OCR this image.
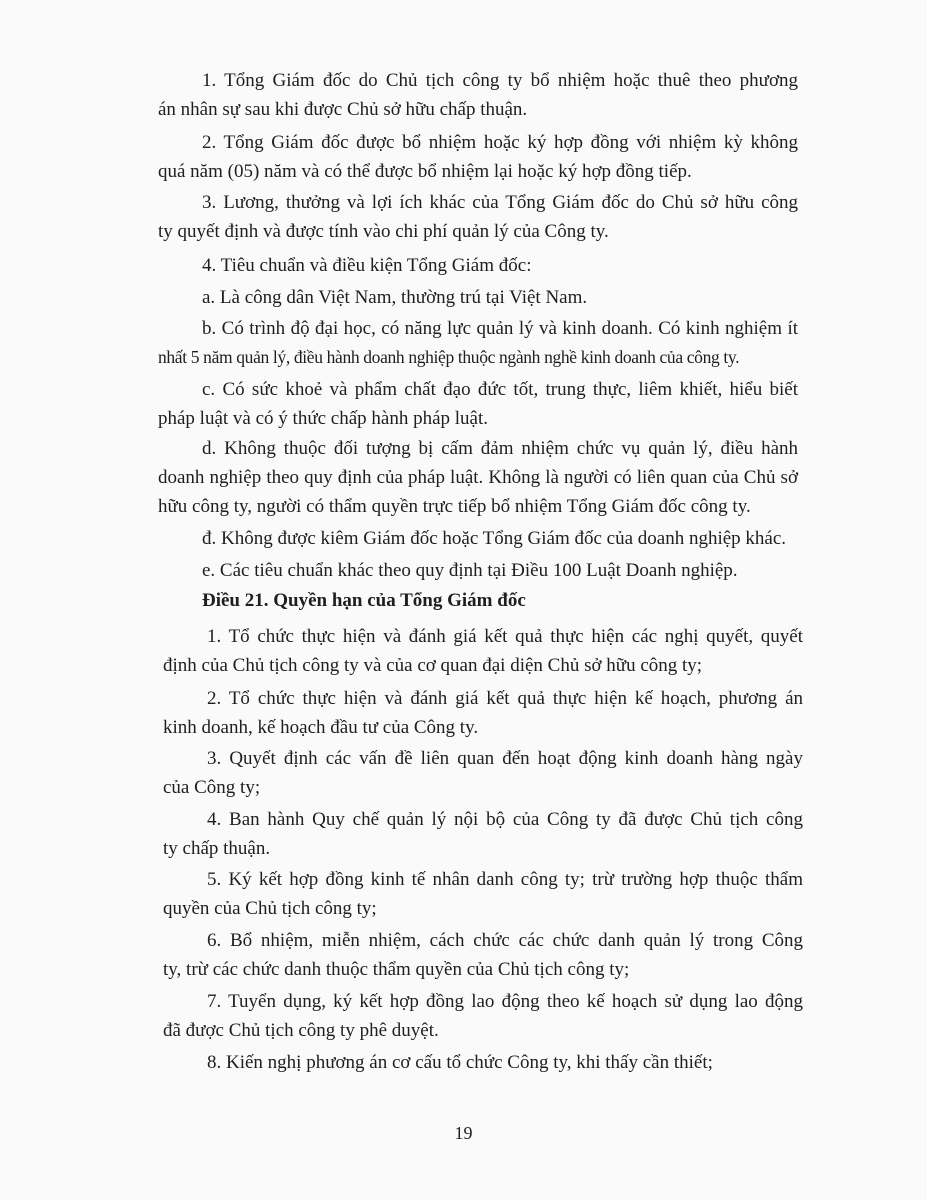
1. Tổng Giám đốc do Chủ tịch công ty bổ nhiệm hoặc thuê theo phương
án nhân sự sau khi được Chủ sở hữu chấp thuận.

2. Tổng Giám đốc được bổ nhiệm hoặc ký hợp đồng với nhiệm kỳ không
quá năm (05) năm và có thể được bổ nhiệm lại hoặc ký hợp đồng tiếp.

3. Lương, thưởng và lợi ích khác của Tổng Giám đốc do Chủ sở hữu công
ty quyết định và được tính vào chi phí quản lý của Công ty.

4. Tiêu chuẩn và điều kiện Tổng Giám đốc:

a. Là công dân Việt Nam, thường trú tại Việt Nam.

b. Có trình độ đại học, có năng lực quản lý và kinh doanh. Có kinh nghiệm ít
nhất 5 năm quản lý, điều hành doanh nghiệp thuộc ngành nghề kinh doanh của công ty.

c. Có sức khoẻ và phẩm chất đạo đức tốt, trung thực, liêm khiết, hiểu biết
pháp luật và có ý thức chấp hành pháp luật.

d. Không thuộc đối tượng bị cấm đảm nhiệm chức vụ quản lý, điều hành
doanh nghiệp theo quy định của pháp luật. Không là người có liên quan của Chủ sở
hữu công ty, người có thẩm quyền trực tiếp bổ nhiệm Tổng Giám đốc công ty.

đ. Không được kiêm Giám đốc hoặc Tổng Giám đốc của doanh nghiệp khác.

e. Các tiêu chuẩn khác theo quy định tại Điều 100 Luật Doanh nghiệp.

Điều 21. Quyền hạn của Tổng Giám đốc

1. Tổ chức thực hiện và đánh giá kết quả thực hiện các nghị quyết, quyết
định của Chủ tịch công ty và của cơ quan đại diện Chủ sở hữu công ty;

2. Tổ chức thực hiện và đánh giá kết quả thực hiện kế hoạch, phương án
kinh doanh, kế hoạch đầu tư của Công ty.

3. Quyết định các vấn đề liên quan đến hoạt động kinh doanh hàng ngày
của Công ty;

4. Ban hành Quy chế quản lý nội bộ của Công ty đã được Chủ tịch công
ty chấp thuận.

5. Ký kết hợp đồng kinh tế nhân danh công ty; trừ trường hợp thuộc thẩm
quyền của Chủ tịch công ty;

6. Bổ nhiệm, miễn nhiệm, cách chức các chức danh quản lý trong Công
ty, trừ các chức danh thuộc thẩm quyền của Chủ tịch công ty;

7. Tuyển dụng, ký kết hợp đồng lao động theo kế hoạch sử dụng lao động
đã được Chủ tịch công ty phê duyệt.

8. Kiến nghị phương án cơ cấu tổ chức Công ty, khi thấy cần thiết;

19
